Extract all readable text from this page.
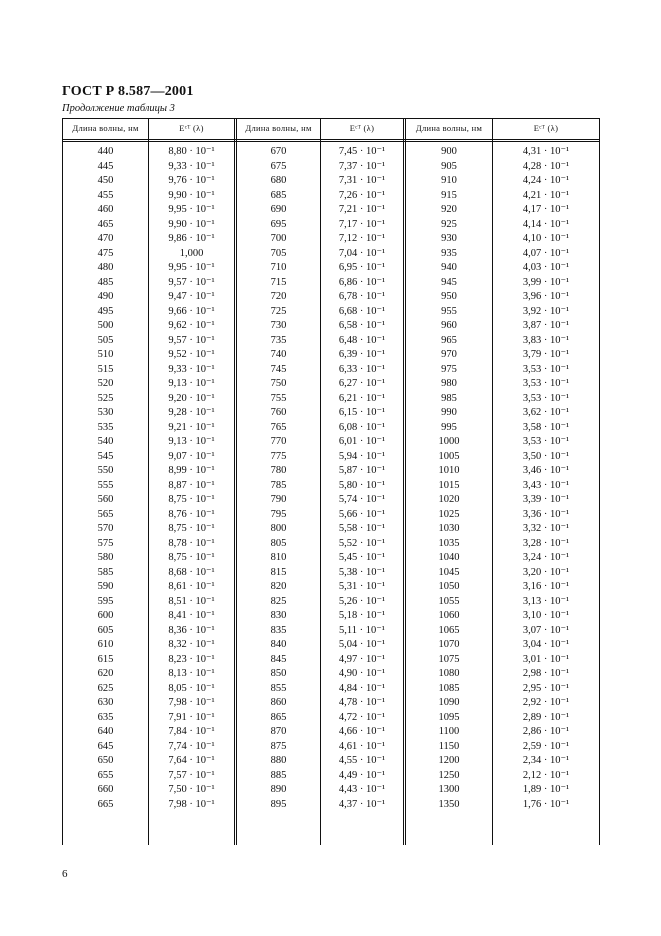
ГОСТ Р 8.587—2001
Продолжение таблицы 3
Длина волны, нм	Eᶜᵀ (λ)	Длина волны, нм	Eᶜᵀ (λ)	Длина волны, нм	Eᶜᵀ (λ)
440	8,80 · 10⁻¹	670	7,45 · 10⁻¹	900	4,31 · 10⁻¹
445	9,33 · 10⁻¹	675	7,37 · 10⁻¹	905	4,28 · 10⁻¹
450	9,76 · 10⁻¹	680	7,31 · 10⁻¹	910	4,24 · 10⁻¹
455	9,90 · 10⁻¹	685	7,26 · 10⁻¹	915	4,21 · 10⁻¹
460	9,95 · 10⁻¹	690	7,21 · 10⁻¹	920	4,17 · 10⁻¹
465	9,90 · 10⁻¹	695	7,17 · 10⁻¹	925	4,14 · 10⁻¹
470	9,86 · 10⁻¹	700	7,12 · 10⁻¹	930	4,10 · 10⁻¹
475	1,000	705	7,04 · 10⁻¹	935	4,07 · 10⁻¹
480	9,95 · 10⁻¹	710	6,95 · 10⁻¹	940	4,03 · 10⁻¹
485	9,57 · 10⁻¹	715	6,86 · 10⁻¹	945	3,99 · 10⁻¹
490	9,47 · 10⁻¹	720	6,78 · 10⁻¹	950	3,96 · 10⁻¹
495	9,66 · 10⁻¹	725	6,68 · 10⁻¹	955	3,92 · 10⁻¹
500	9,62 · 10⁻¹	730	6,58 · 10⁻¹	960	3,87 · 10⁻¹
505	9,57 · 10⁻¹	735	6,48 · 10⁻¹	965	3,83 · 10⁻¹
510	9,52 · 10⁻¹	740	6,39 · 10⁻¹	970	3,79 · 10⁻¹
515	9,33 · 10⁻¹	745	6,33 · 10⁻¹	975	3,53 · 10⁻¹
520	9,13 · 10⁻¹	750	6,27 · 10⁻¹	980	3,53 · 10⁻¹
525	9,20 · 10⁻¹	755	6,21 · 10⁻¹	985	3,53 · 10⁻¹
530	9,28 · 10⁻¹	760	6,15 · 10⁻¹	990	3,62 · 10⁻¹
535	9,21 · 10⁻¹	765	6,08 · 10⁻¹	995	3,58 · 10⁻¹
540	9,13 · 10⁻¹	770	6,01 · 10⁻¹	1000	3,53 · 10⁻¹
545	9,07 · 10⁻¹	775	5,94 · 10⁻¹	1005	3,50 · 10⁻¹
550	8,99 · 10⁻¹	780	5,87 · 10⁻¹	1010	3,46 · 10⁻¹
555	8,87 · 10⁻¹	785	5,80 · 10⁻¹	1015	3,43 · 10⁻¹
560	8,75 · 10⁻¹	790	5,74 · 10⁻¹	1020	3,39 · 10⁻¹
565	8,76 · 10⁻¹	795	5,66 · 10⁻¹	1025	3,36 · 10⁻¹
570	8,75 · 10⁻¹	800	5,58 · 10⁻¹	1030	3,32 · 10⁻¹
575	8,78 · 10⁻¹	805	5,52 · 10⁻¹	1035	3,28 · 10⁻¹
580	8,75 · 10⁻¹	810	5,45 · 10⁻¹	1040	3,24 · 10⁻¹
585	8,68 · 10⁻¹	815	5,38 · 10⁻¹	1045	3,20 · 10⁻¹
590	8,61 · 10⁻¹	820	5,31 · 10⁻¹	1050	3,16 · 10⁻¹
595	8,51 · 10⁻¹	825	5,26 · 10⁻¹	1055	3,13 · 10⁻¹
600	8,41 · 10⁻¹	830	5,18 · 10⁻¹	1060	3,10 · 10⁻¹
605	8,36 · 10⁻¹	835	5,11 · 10⁻¹	1065	3,07 · 10⁻¹
610	8,32 · 10⁻¹	840	5,04 · 10⁻¹	1070	3,04 · 10⁻¹
615	8,23 · 10⁻¹	845	4,97 · 10⁻¹	1075	3,01 · 10⁻¹
620	8,13 · 10⁻¹	850	4,90 · 10⁻¹	1080	2,98 · 10⁻¹
625	8,05 · 10⁻¹	855	4,84 · 10⁻¹	1085	2,95 · 10⁻¹
630	7,98 · 10⁻¹	860	4,78 · 10⁻¹	1090	2,92 · 10⁻¹
635	7,91 · 10⁻¹	865	4,72 · 10⁻¹	1095	2,89 · 10⁻¹
640	7,84 · 10⁻¹	870	4,66 · 10⁻¹	1100	2,86 · 10⁻¹
645	7,74 · 10⁻¹	875	4,61 · 10⁻¹	1150	2,59 · 10⁻¹
650	7,64 · 10⁻¹	880	4,55 · 10⁻¹	1200	2,34 · 10⁻¹
655	7,57 · 10⁻¹	885	4,49 · 10⁻¹	1250	2,12 · 10⁻¹
660	7,50 · 10⁻¹	890	4,43 · 10⁻¹	1300	1,89 · 10⁻¹
665	7,98 · 10⁻¹	895	4,37 · 10⁻¹	1350	1,76 · 10⁻¹
6
